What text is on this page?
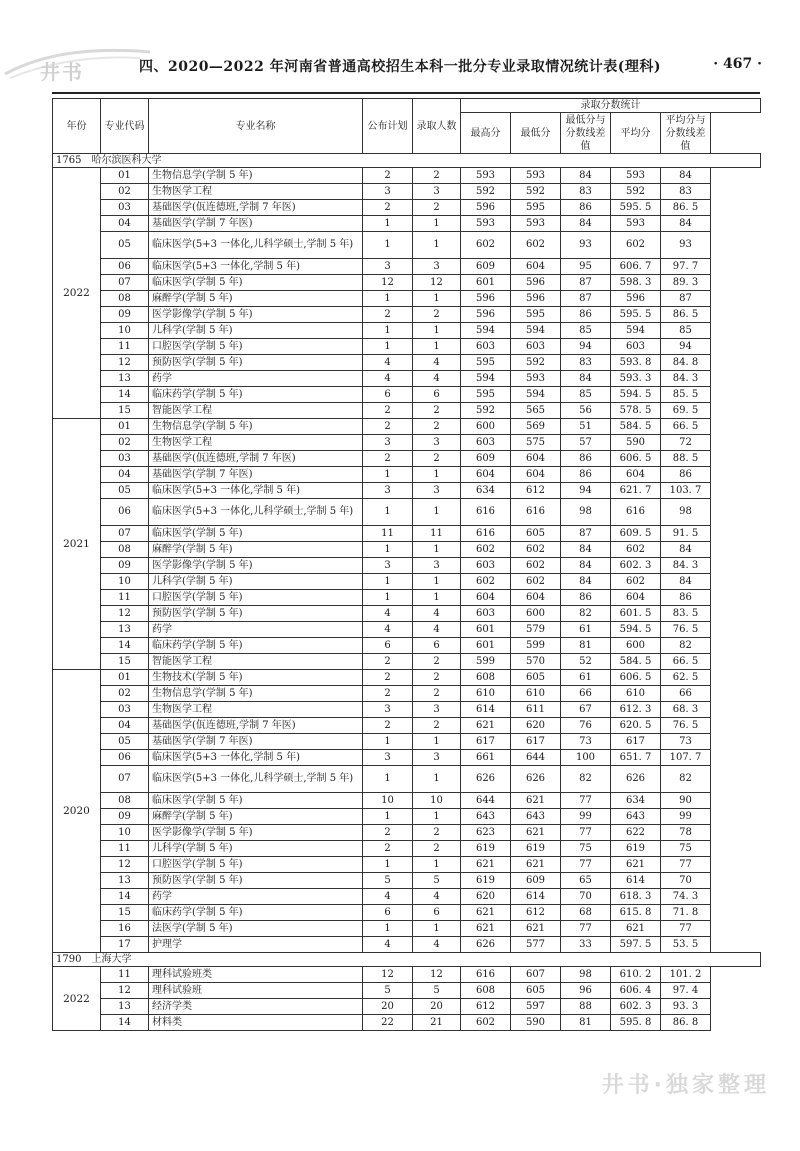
井书	四、2020—2022 年河南省普通高校招生本科一批分专业录取情况统计表(理科)	· 467 ·
年份	专业代码	专业名称	公布计划	录取人数	录取分数统计				
					最高分	最低分	最低分与分数线差值	平均分	平均分与分数线差值
1765　哈尔滨医科大学									
2022	01	生物信息学(学制 5 年)	2	2	593	593	84	593	84
	02	生物医学工程	3	3	592	592	83	592	83
	03	基础医学(佤连德班,学制 7 年医)	2	2	596	595	86	595. 5	86. 5
	04	基础医学(学制 7 年医)	1	1	593	593	84	593	84
	05	临床医学(5+3 一体化,儿科学硕士,学制 5 年)	1	1	602	602	93	602	93
	06	临床医学(5+3 一体化,学制 5 年)	3	3	609	604	95	606. 7	97. 7
	07	临床医学(学制 5 年)	12	12	601	596	87	598. 3	89. 3
	08	麻醉学(学制 5 年)	1	1	596	596	87	596	87
	09	医学影像学(学制 5 年)	2	2	596	595	86	595. 5	86. 5
	10	儿科学(学制 5 年)	1	1	594	594	85	594	85
	11	口腔医学(学制 5 年)	1	1	603	603	94	603	94
	12	预防医学(学制 5 年)	4	4	595	592	83	593. 8	84. 8
	13	药学	4	4	594	593	84	593. 3	84. 3
	14	临床药学(学制 5 年)	6	6	595	594	85	594. 5	85. 5
	15	智能医学工程	2	2	592	565	56	578. 5	69. 5
2021	01	生物信息学(学制 5 年)	2	2	600	569	51	584. 5	66. 5
	02	生物医学工程	3	3	603	575	57	590	72
	03	基础医学(佤连德班,学制 7 年医)	2	2	609	604	86	606. 5	88. 5
	04	基础医学(学制 7 年医)	1	1	604	604	86	604	86
	05	临床医学(5+3 一体化,学制 5 年)	3	3	634	612	94	621. 7	103. 7
	06	临床医学(5+3 一体化,儿科学硕士,学制 5 年)	1	1	616	616	98	616	98
	07	临床医学(学制 5 年)	11	11	616	605	87	609. 5	91. 5
	08	麻醉学(学制 5 年)	1	1	602	602	84	602	84
	09	医学影像学(学制 5 年)	3	3	603	602	84	602. 3	84. 3
	10	儿科学(学制 5 年)	1	1	602	602	84	602	84
	11	口腔医学(学制 5 年)	1	1	604	604	86	604	86
	12	预防医学(学制 5 年)	4	4	603	600	82	601. 5	83. 5
	13	药学	4	4	601	579	61	594. 5	76. 5
	14	临床药学(学制 5 年)	6	6	601	599	81	600	82
	15	智能医学工程	2	2	599	570	52	584. 5	66. 5
2020	01	生物技术(学制 5 年)	2	2	608	605	61	606. 5	62. 5
	02	生物信息学(学制 5 年)	2	2	610	610	66	610	66
	03	生物医学工程	3	3	614	611	67	612. 3	68. 3
	04	基础医学(佤连德班,学制 7 年医)	2	2	621	620	76	620. 5	76. 5
	05	基础医学(学制 7 年医)	1	1	617	617	73	617	73
	06	临床医学(5+3 一体化,学制 5 年)	3	3	661	644	100	651. 7	107. 7
	07	临床医学(5+3 一体化,儿科学硕士,学制 5 年)	1	1	626	626	82	626	82
	08	临床医学(学制 5 年)	10	10	644	621	77	634	90
	09	麻醉学(学制 5 年)	1	1	643	643	99	643	99
	10	医学影像学(学制 5 年)	2	2	623	621	77	622	78
	11	儿科学(学制 5 年)	2	2	619	619	75	619	75
	12	口腔医学(学制 5 年)	1	1	621	621	77	621	77
	13	预防医学(学制 5 年)	5	5	619	609	65	614	70
	14	药学	4	4	620	614	70	618. 3	74. 3
	15	临床药学(学制 5 年)	6	6	621	612	68	615. 8	71. 8
	16	法医学(学制 5 年)	1	1	621	621	77	621	77
	17	护理学	4	4	626	577	33	597. 5	53. 5
1790　上海大学									
2022	11	理科试验班类	12	12	616	607	98	610. 2	101. 2
	12	理科试验班	5	5	608	605	96	606. 4	97. 4
	13	经济学类	20	20	612	597	88	602. 3	93. 3
	14	材料类	22	21	602	590	81	595. 8	86. 8
井书·独家整理
